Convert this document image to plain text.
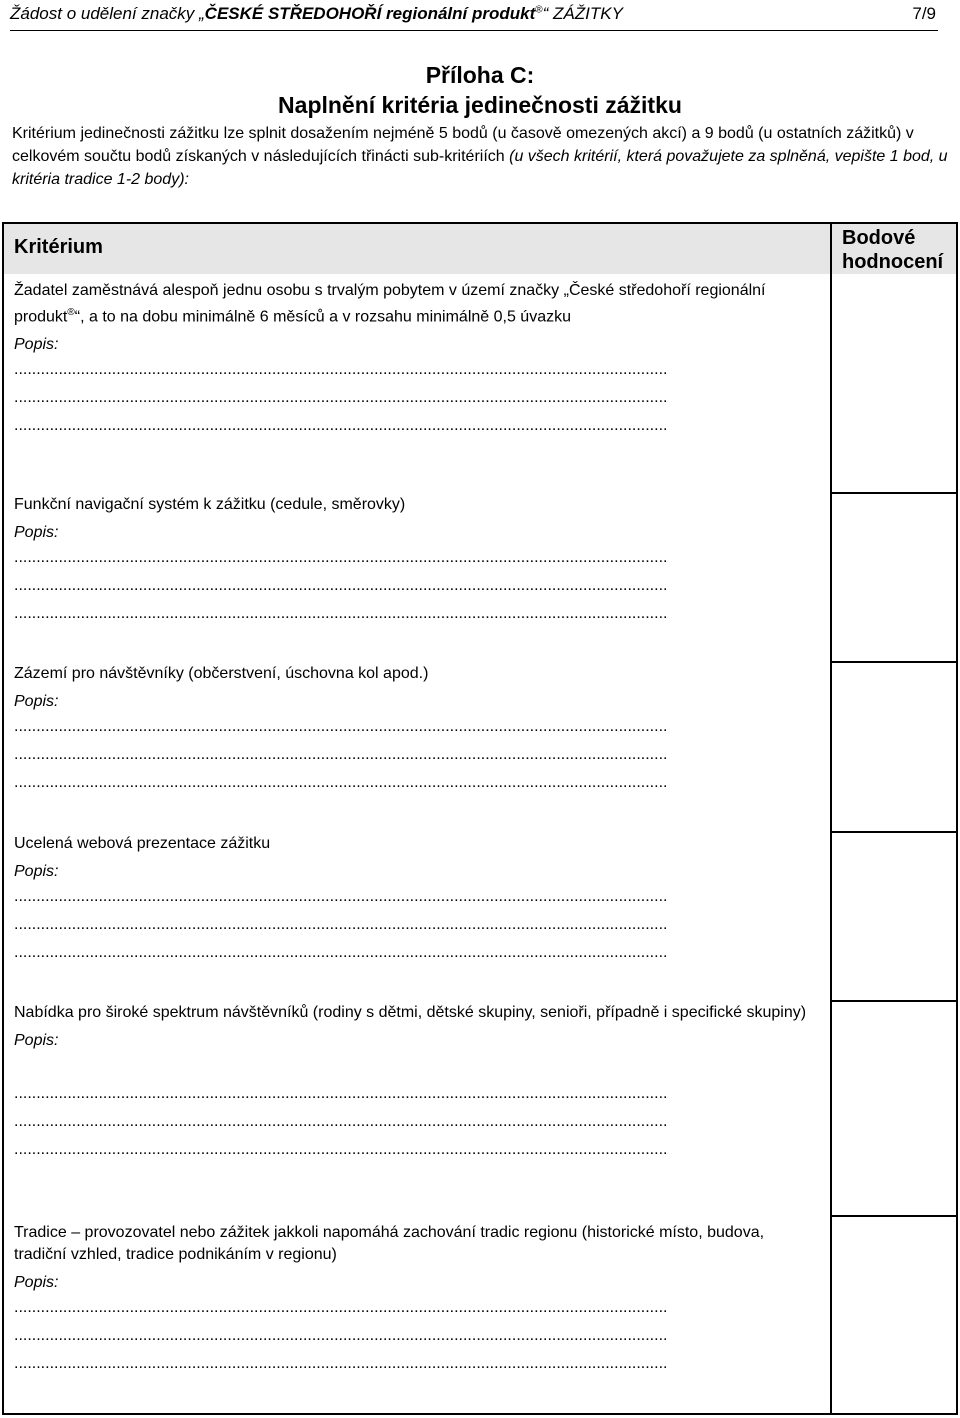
Žádost o udělení značky „ČESKÉ STŘEDOHOŘÍ regionální produkt®“ ZÁŽITKY	7/9
Příloha C:
Naplnění kritéria jedinečnosti zážitku
Kritérium jedinečnosti zážitku lze splnit dosažením nejméně 5 bodů (u časově omezených akcí) a 9 bodů (u ostatních zážitků) v celkovém součtu bodů získaných v následujících třinácti sub-kritériích (u všech kritérií, která považujete za splněná, vepište 1 bod, u kritéria tradice 1-2 body):
Kritérium	Bodové hodnocení
Žadatel zaměstnává alespoň jednu osobu s trvalým pobytem v území značky „České středohoří regionální produkt®“, a to na dobu minimálně 6 měsíců a v rozsahu minimálně 0,5 úvazku
Popis:
...................................................................................................................................................
...................................................................................................................................................
...................................................................................................................................................
Funkční navigační systém k zážitku (cedule, směrovky)
Popis:
...................................................................................................................................................
...................................................................................................................................................
...................................................................................................................................................
Zázemí pro návštěvníky (občerstvení, úschovna kol apod.)
Popis:
...................................................................................................................................................
...................................................................................................................................................
...................................................................................................................................................
Ucelená webová prezentace zážitku
Popis:
...................................................................................................................................................
...................................................................................................................................................
...................................................................................................................................................
Nabídka pro široké spektrum návštěvníků (rodiny s dětmi, dětské skupiny, senioři, případně i specifické skupiny)
Popis:
...................................................................................................................................................
...................................................................................................................................................
...................................................................................................................................................
Tradice – provozovatel nebo zážitek jakkoli napomáhá zachování tradic regionu (historické místo, budova, tradiční vzhled, tradice podnikáním v regionu)
Popis:
...................................................................................................................................................
...................................................................................................................................................
...................................................................................................................................................
